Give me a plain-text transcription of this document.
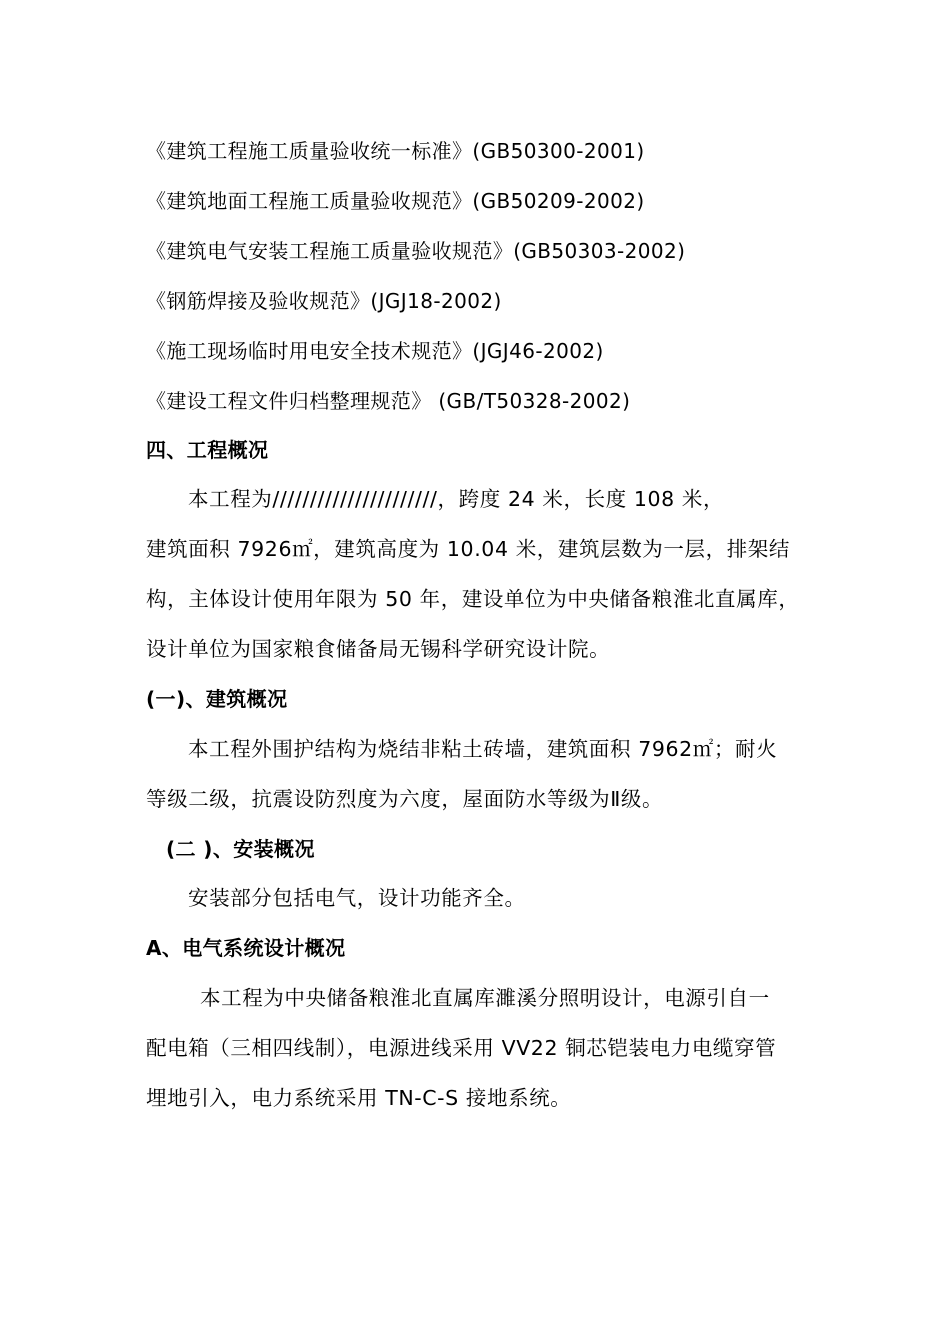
《建筑工程施工质量验收统一标准》(GB50300-2001)
《建筑地面工程施工质量验收规范》(GB50209-2002)
《建筑电气安装工程施工质量验收规范》(GB50303-2002)
《钢筋焊接及验收规范》(JGJ18-2002)
《施工现场临时用电安全技术规范》(JGJ46-2002)
《建设工程文件归档整理规范》 (GB/T50328-2002)
四、工程概况
本工程为//////////////////////，跨度 24 米，长度 108 米，
建筑面积 7926㎡，建筑高度为 10.04 米，建筑层数为一层，排架结
构，主体设计使用年限为 50 年，建设单位为中央储备粮淮北直属库，
设计单位为国家粮食储备局无锡科学研究设计院。
(一)、建筑概况
本工程外围护结构为烧结非粘土砖墙，建筑面积 7962㎡；耐火
等级二级，抗震设防烈度为六度，屋面防水等级为Ⅱ级。
(二 )、安装概况
安装部分包括电气，设计功能齐全。
A、电气系统设计概况
本工程为中央储备粮淮北直属库濉溪分照明设计，电源引自一
配电箱（三相四线制），电源进线采用 VV22 铜芯铠装电力电缆穿管
埋地引入，电力系统采用 TN-C-S 接地系统。
